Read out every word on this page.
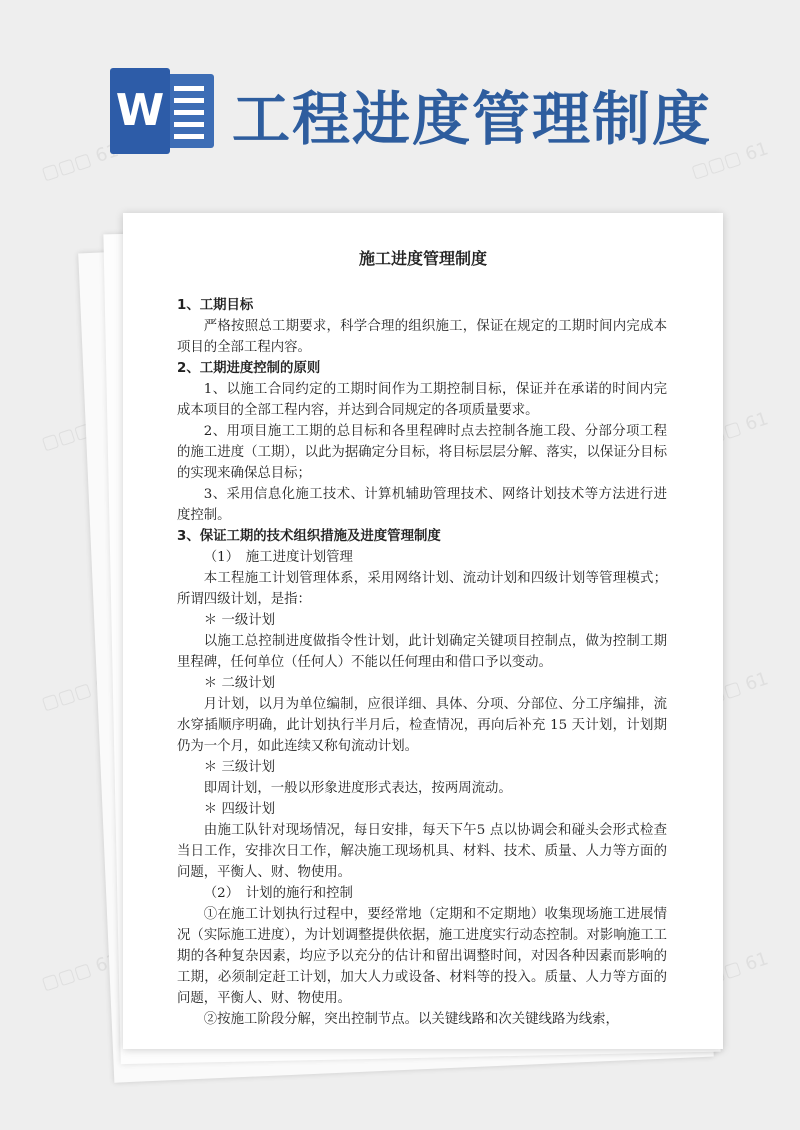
▢▢▢ 616	▢▢▢ 61
▢▢▢	▢▢▢ 61
▢▢▢ 616	▢▢▢ 61
▢▢▢ 616	▢▢▢ 61
W 工程进度管理制度
施工进度管理制度

1、工期目标

严格按照总工期要求，科学合理的组织施工，保证在规定的工期时间内完成本项目的全部工程内容。

2、工期进度控制的原则

1、以施工合同约定的工期时间作为工期控制目标，保证并在承诺的时间内完成本项目的全部工程内容，并达到合同规定的各项质量要求。

2、用项目施工工期的总目标和各里程碑时点去控制各施工段、分部分项工程的施工进度（工期），以此为据确定分目标，将目标层层分解、落实，以保证分目标的实现来确保总目标；

3、采用信息化施工技术、计算机辅助管理技术、网络计划技术等方法进行进度控制。

3、保证工期的技术组织措施及进度管理制度

（1）　施工进度计划管理

本工程施工计划管理体系，采用网络计划、流动计划和四级计划等管理模式；所谓四级计划，是指：

＊ 一级计划

以施工总控制进度做指令性计划，此计划确定关键项目控制点，做为控制工期里程碑，任何单位（任何人）不能以任何理由和借口予以变动。

＊ 二级计划

月计划，以月为单位编制，应很详细、具体、分项、分部位、分工序编排，流水穿插顺序明确，此计划执行半月后，检查情况，再向后补充 15 天计划，计划期仍为一个月，如此连续又称旬流动计划。

＊ 三级计划

即周计划，一般以形象进度形式表达，按两周流动。

＊ 四级计划

由施工队针对现场情况，每日安排，每天下午5 点以协调会和碰头会形式检查当日工作，安排次日工作，解决施工现场机具、材料、技术、质量、人力等方面的问题，平衡人、财、物使用。

（2）　计划的施行和控制

①在施工计划执行过程中，要经常地（定期和不定期地）收集现场施工进展情况（实际施工进度），为计划调整提供依据，施工进度实行动态控制。对影响施工工期的各种复杂因素，均应予以充分的估计和留出调整时间，对因各种因素而影响的工期，必须制定赶工计划，加大人力或设备、材料等的投入。质量、人力等方面的问题，平衡人、财、物使用。

②按施工阶段分解，突出控制节点。以关键线路和次关键线路为线索，
